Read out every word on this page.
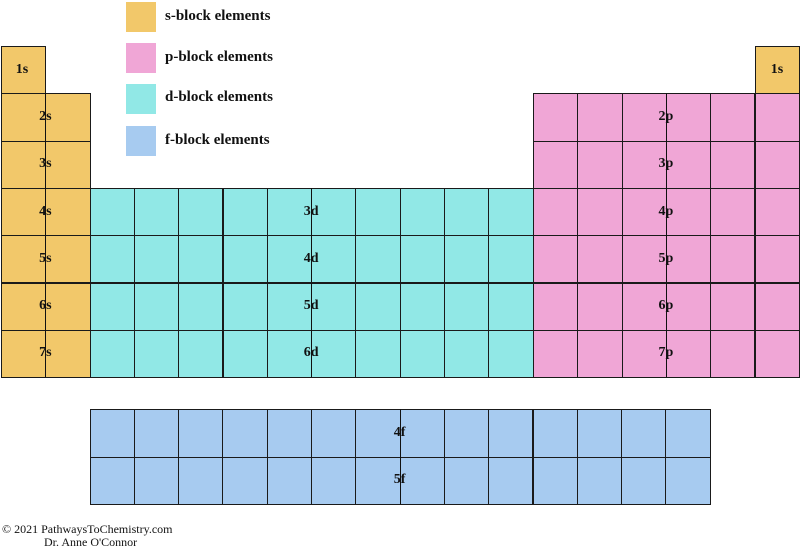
s-block elements
p-block elements
d-block elements
f-block elements
1s	1s
2s
3s
4s
5s
6s
7s
2p
3p
4p
5p
6p
7p
3d
4d
5d
6d
4f
5f
© 2021 PathwaysToChemistry.com
Dr. Anne O'Connor
